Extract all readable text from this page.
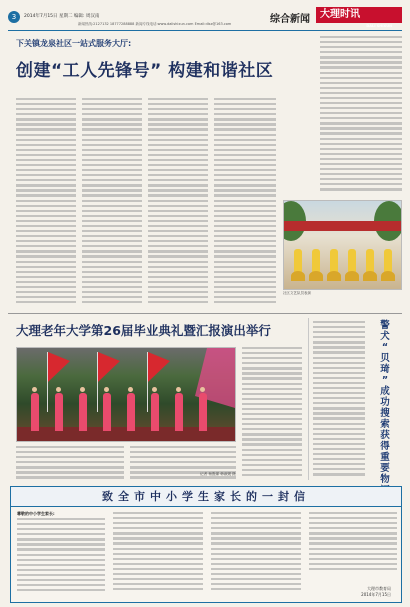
3	2014年7月15日 星期二 编辑: 周汉南	综合新闻	大理时讯
DALI SHIXUN
新闻热线:2127132 18777288888 新闻专线电话:www.dalishixun.com Email:dlsx@163.com
下关镇龙泉社区一站式服务大厅:
创建“工人先锋号” 构建和谐社区
社区文艺队员表演
大理老年大学第26届毕业典礼暨汇报演出举行
记者 杨胜娣 韩淑媛 摄
警
犬
“
贝
琦
”
成
功
搜
索
获
得
重
要
物
致全市中小学生家长的一封信
尊敬的中小学生家长:
大理市教育局
2014年7月15日
